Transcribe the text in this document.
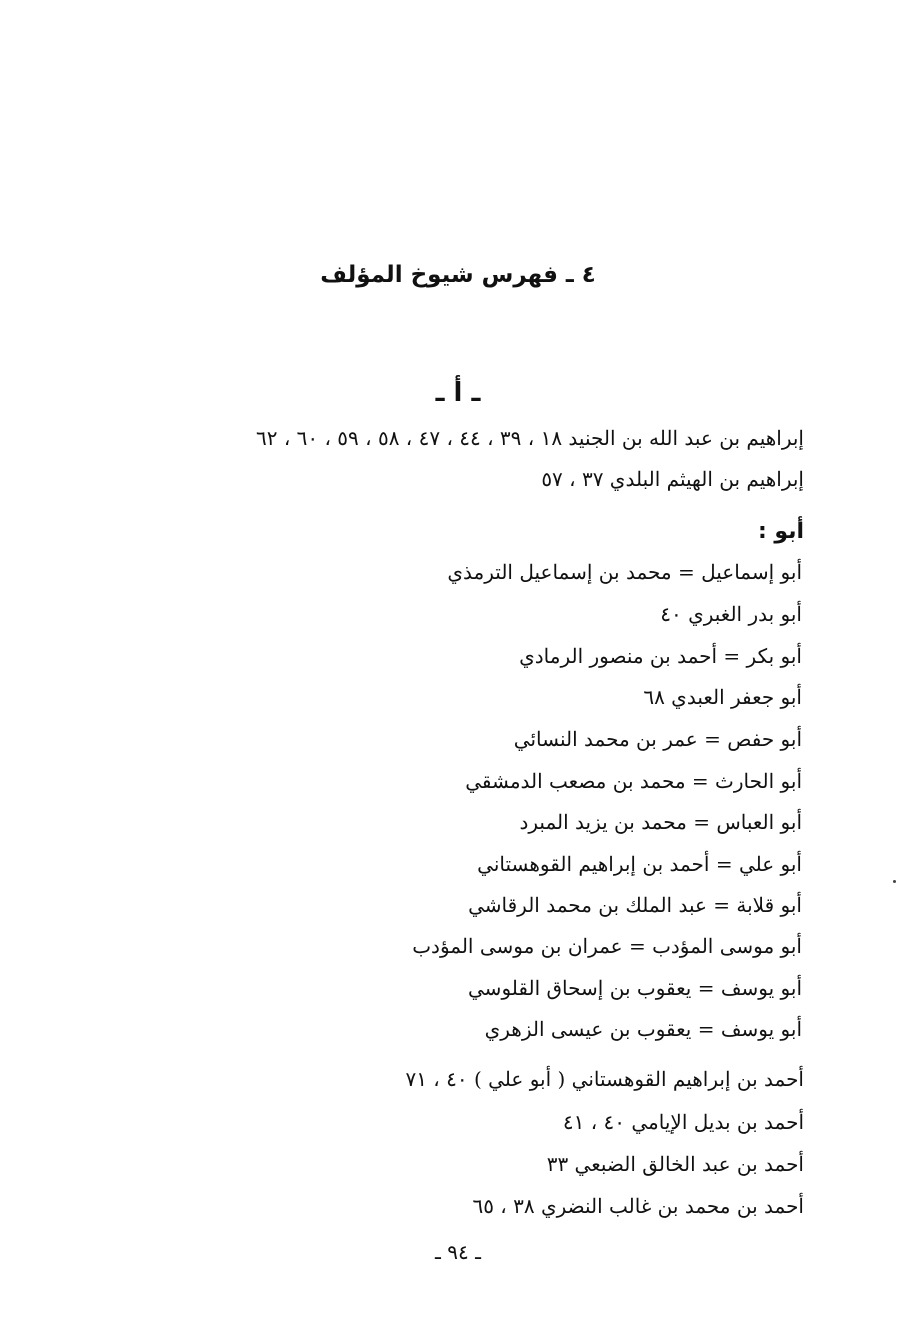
٤ ـ فهرس شيوخ المؤلف
ـ أ ـ
إبراهيم بن عبد الله بن الجنيد ١٨ ، ٣٩ ، ٤٤ ، ٤٧ ، ٥٨ ، ٥٩ ، ٦٠ ، ٦٢
إبراهيم بن الهيثم البلدي ٣٧ ، ٥٧
أبو :
أبو إسماعيل = محمد بن إسماعيل الترمذي
أبو بدر الغبري ٤٠
أبو بكر = أحمد بن منصور الرمادي
أبو جعفر العبدي ٦٨
أبو حفص = عمر بن محمد النسائي
أبو الحارث = محمد بن مصعب الدمشقي
أبو العباس = محمد بن يزيد المبرد
أبو علي = أحمد بن إبراهيم القوهستاني
أبو قلابة = عبد الملك بن محمد الرقاشي
أبو موسى المؤدب = عمران بن موسى المؤدب
أبو يوسف = يعقوب بن إسحاق القلوسي
أبو يوسف = يعقوب بن عيسى الزهري
أحمد بن إبراهيم القوهستاني ( أبو علي ) ٤٠ ، ٧١
أحمد بن بديل الإيامي ٤٠ ، ٤١
أحمد بن عبد الخالق الضبعي ٣٣
أحمد بن محمد بن غالب النضري ٣٨ ، ٦٥
ـ ٩٤ ـ
